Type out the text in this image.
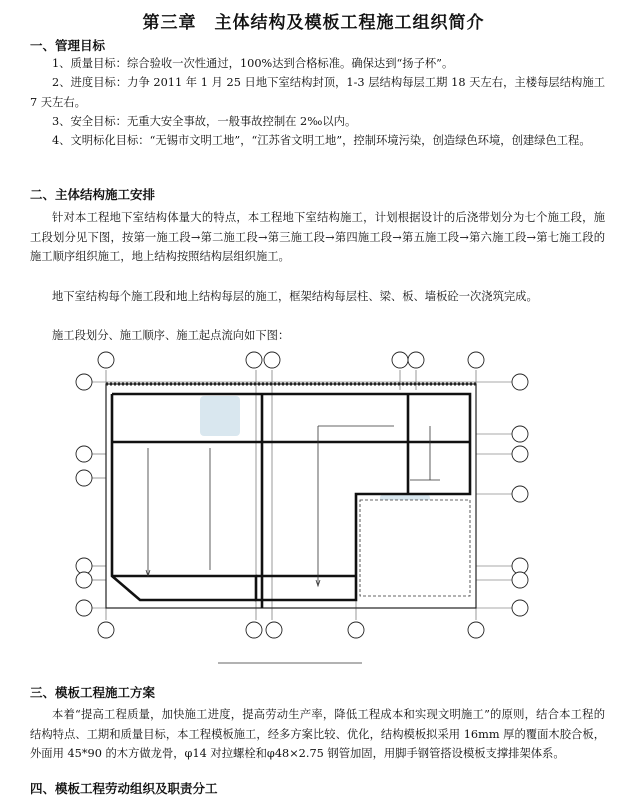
第三章　主体结构及模板工程施工组织简介
一、管理目标

1、质量目标：综合验收一次性通过，100%达到合格标准。确保达到“扬子杯”。

2、进度目标：力争 2011 年 1 月 25 日地下室结构封顶，1-3 层结构每层工期 18 天左右，主楼每层结构施工 7 天左右。

3、安全目标：无重大安全事故，一般事故控制在 2‰以内。

4、文明标化目标：“无锡市文明工地”，“江苏省文明工地”，控制环境污染，创造绿色环境，创建绿色工程。

二、主体结构施工安排

针对本工程地下室结构体量大的特点，本工程地下室结构施工，计划根据设计的后浇带划分为七个施工段，施工段划分见下图，按第一施工段→第二施工段→第三施工段→第四施工段→第五施工段→第六施工段→第七施工段的施工顺序组织施工，地上结构按照结构层组织施工。

地下室结构每个施工段和地上结构每层的施工，框架结构每层柱、梁、板、墙板砼一次浇筑完成。

施工段划分、施工顺序、施工起点流向如下图：

三、模板工程施工方案

本着“提高工程质量，加快施工进度，提高劳动生产率，降低工程成本和实现文明施工”的原则，结合本工程的结构特点、工期和质量目标，本工程模板施工，经多方案比较、优化，结构模板拟采用 16mm 厚的覆面木胶合板，外面用 45*90 的木方做龙骨，φ14 对拉螺栓和φ48×2.75 钢管加固，用脚手钢管搭设模板支撑排架体系。

四、模板工程劳动组织及职责分工
